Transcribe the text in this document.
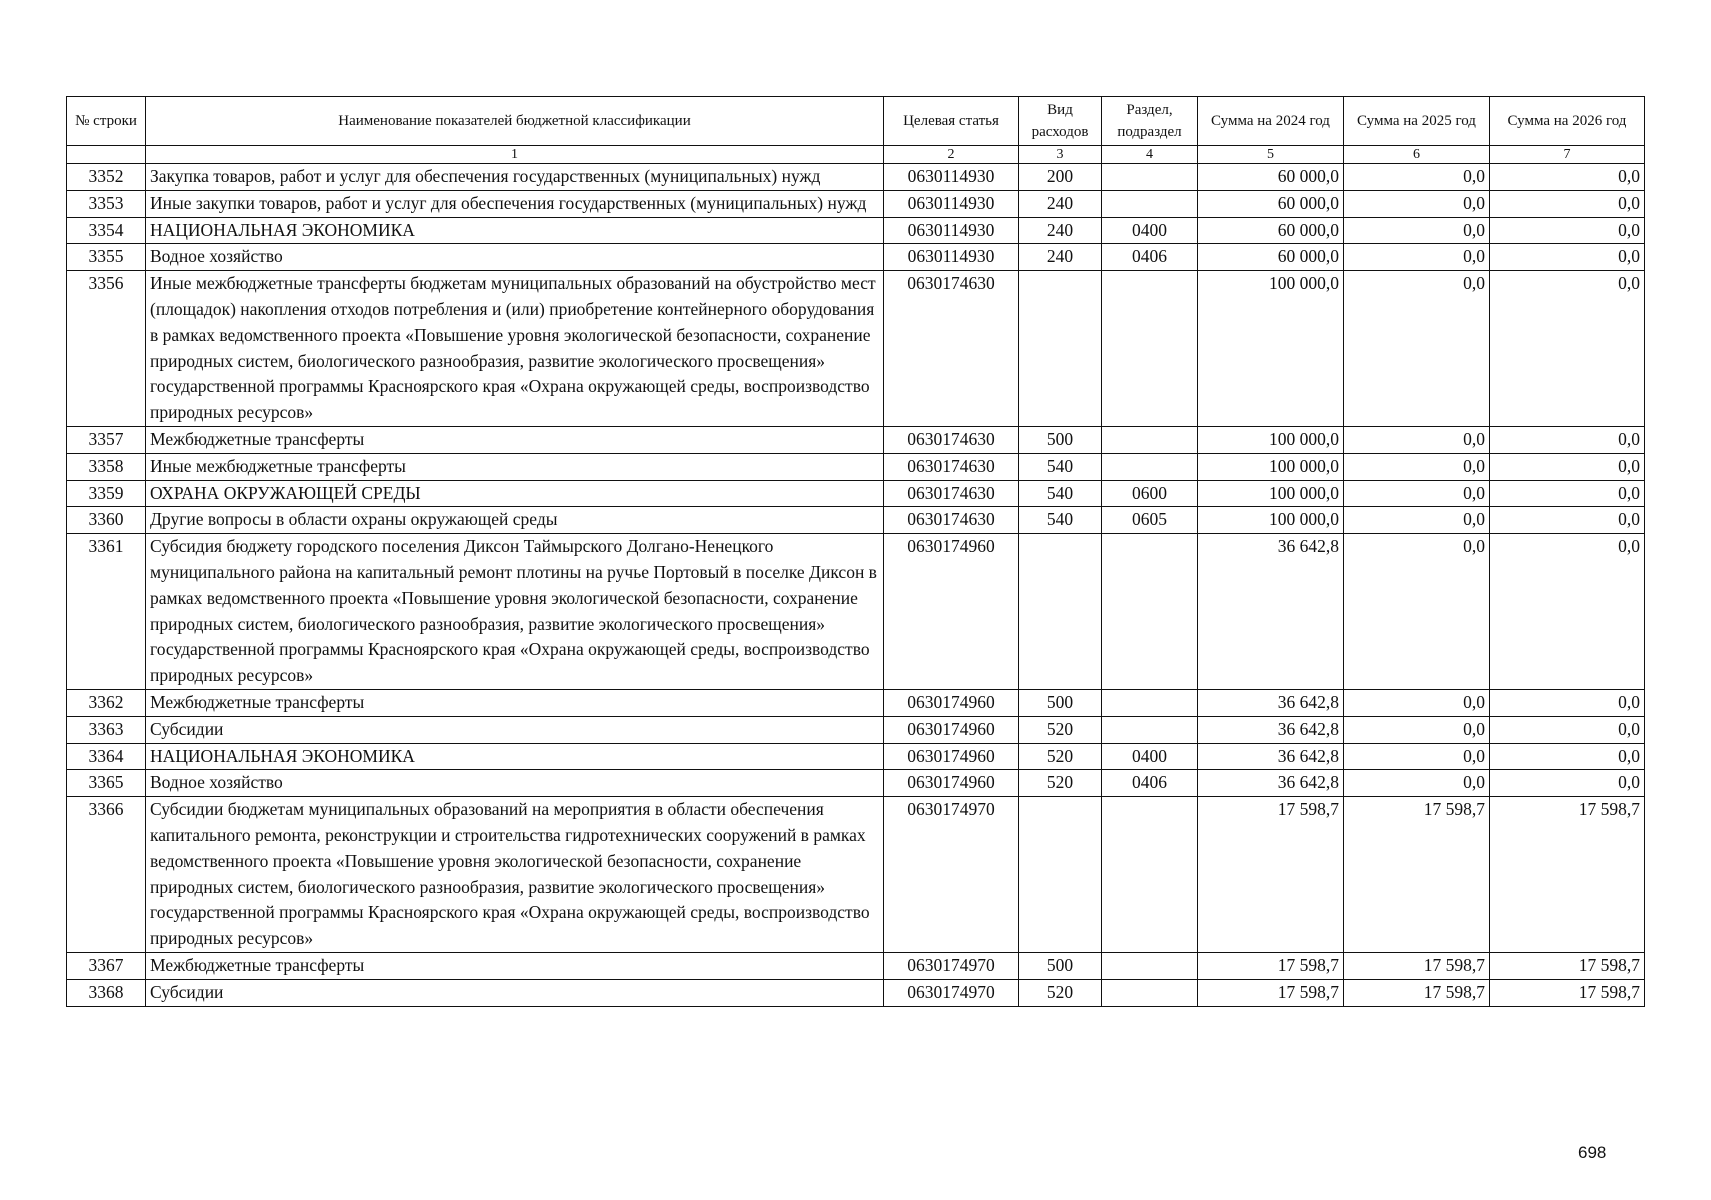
№ строки	Наименование показателей бюджетной классификации	Целевая статья	Вид расходов	Раздел, подраздел	Сумма на 2024 год	Сумма на 2025 год	Сумма на 2026 год
	1	2	3	4	5	6	7
3352	Закупка товаров, работ и услуг для обеспечения государственных (муниципальных) нужд	0630114930	200		60 000,0	0,0	0,0
3353	Иные закупки товаров, работ и услуг для обеспечения государственных (муниципальных) нужд	0630114930	240		60 000,0	0,0	0,0
3354	НАЦИОНАЛЬНАЯ ЭКОНОМИКА	0630114930	240	0400	60 000,0	0,0	0,0
3355	Водное хозяйство	0630114930	240	0406	60 000,0	0,0	0,0
3356	Иные межбюджетные трансферты бюджетам муниципальных образований на обустройство мест (площадок) накопления отходов потребления и (или) приобретение контейнерного оборудования в рамках ведомственного проекта «Повышение уровня экологической безопасности, сохранение природных систем, биологического разнообразия, развитие экологического просвещения» государственной программы Красноярского края «Охрана окружающей среды, воспроизводство природных ресурсов»	0630174630			100 000,0	0,0	0,0
3357	Межбюджетные трансферты	0630174630	500		100 000,0	0,0	0,0
3358	Иные межбюджетные трансферты	0630174630	540		100 000,0	0,0	0,0
3359	ОХРАНА ОКРУЖАЮЩЕЙ СРЕДЫ	0630174630	540	0600	100 000,0	0,0	0,0
3360	Другие вопросы в области охраны окружающей среды	0630174630	540	0605	100 000,0	0,0	0,0
3361	Субсидия бюджету городского поселения Диксон Таймырского Долгано-Ненецкого муниципального района на капитальный ремонт плотины на ручье Портовый в поселке Диксон в рамках ведомственного проекта «Повышение уровня экологической безопасности, сохранение природных систем, биологического разнообразия, развитие экологического просвещения» государственной программы Красноярского края «Охрана окружающей среды, воспроизводство природных ресурсов»	0630174960			36 642,8	0,0	0,0
3362	Межбюджетные трансферты	0630174960	500		36 642,8	0,0	0,0
3363	Субсидии	0630174960	520		36 642,8	0,0	0,0
3364	НАЦИОНАЛЬНАЯ ЭКОНОМИКА	0630174960	520	0400	36 642,8	0,0	0,0
3365	Водное хозяйство	0630174960	520	0406	36 642,8	0,0	0,0
3366	Субсидии бюджетам муниципальных образований на мероприятия в области обеспечения капитального ремонта, реконструкции и строительства гидротехнических сооружений в рамках ведомственного проекта «Повышение уровня экологической безопасности, сохранение природных систем, биологического разнообразия, развитие экологического просвещения» государственной программы Красноярского края «Охрана окружающей среды, воспроизводство природных ресурсов»	0630174970			17 598,7	17 598,7	17 598,7
3367	Межбюджетные трансферты	0630174970	500		17 598,7	17 598,7	17 598,7
3368	Субсидии	0630174970	520		17 598,7	17 598,7	17 598,7
698
